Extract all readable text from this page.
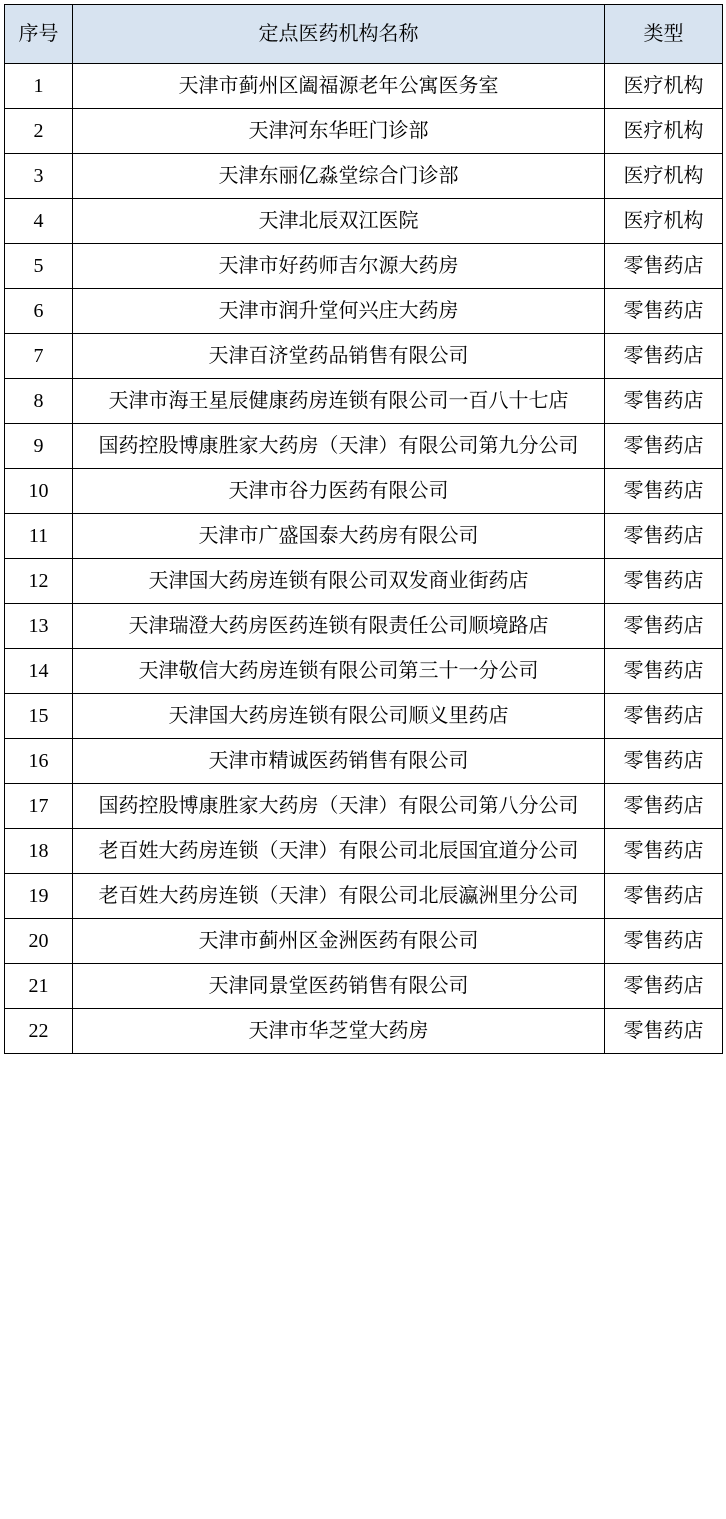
序号	定点医药机构名称	类型
1	天津市蓟州区阖福源老年公寓医务室	医疗机构
2	天津河东华旺门诊部	医疗机构
3	天津东丽亿淼堂综合门诊部	医疗机构
4	天津北辰双江医院	医疗机构
5	天津市好药师吉尔源大药房	零售药店
6	天津市润升堂何兴庄大药房	零售药店
7	天津百济堂药品销售有限公司	零售药店
8	天津市海王星辰健康药房连锁有限公司一百八十七店	零售药店
9	国药控股博康胜家大药房（天津）有限公司第九分公司	零售药店
10	天津市谷力医药有限公司	零售药店
11	天津市广盛国泰大药房有限公司	零售药店
12	天津国大药房连锁有限公司双发商业街药店	零售药店
13	天津瑞澄大药房医药连锁有限责任公司顺境路店	零售药店
14	天津敬信大药房连锁有限公司第三十一分公司	零售药店
15	天津国大药房连锁有限公司顺义里药店	零售药店
16	天津市精诚医药销售有限公司	零售药店
17	国药控股博康胜家大药房（天津）有限公司第八分公司	零售药店
18	老百姓大药房连锁（天津）有限公司北辰国宜道分公司	零售药店
19	老百姓大药房连锁（天津）有限公司北辰瀛洲里分公司	零售药店
20	天津市蓟州区金洲医药有限公司	零售药店
21	天津同景堂医药销售有限公司	零售药店
22	天津市华芝堂大药房	零售药店
